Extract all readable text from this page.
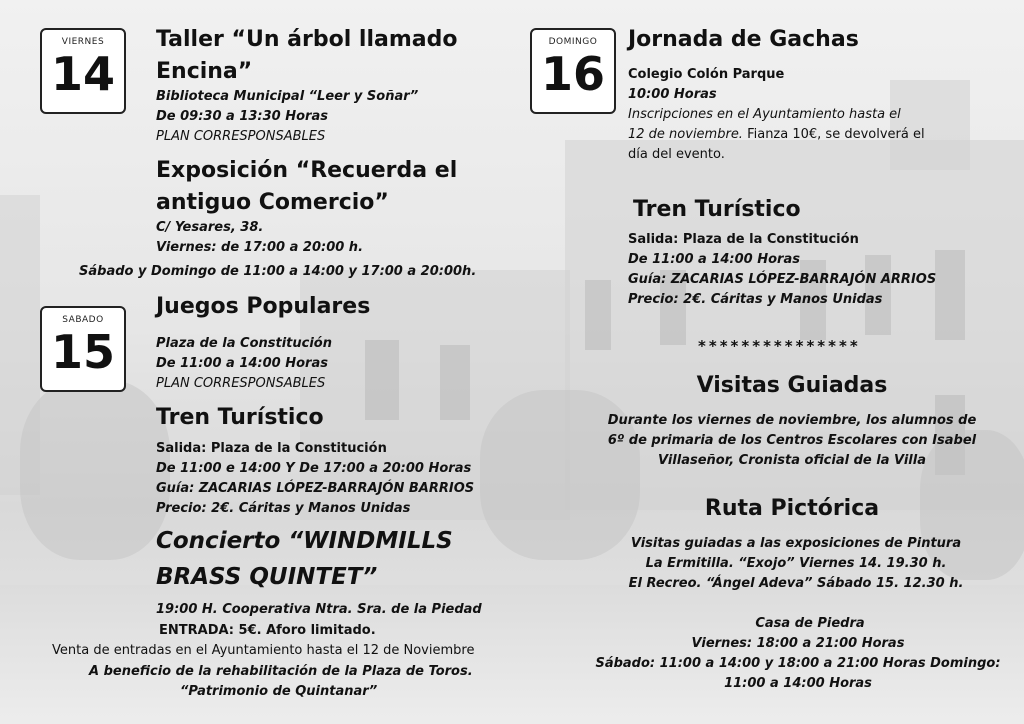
VIERNES
14
Taller “Un árbol llamado
Encina”
Biblioteca Municipal “Leer y Soñar”
De 09:30 a 13:30 Horas
PLAN CORRESPONSABLES
Exposición “Recuerda el
antiguo Comercio”
C/ Yesares, 38.
Viernes: de 17:00 a 20:00 h.
Sábado y Domingo de 11:00 a 14:00 y 17:00 a 20:00h.
SABADO
15
Juegos Populares
Plaza de la Constitución
De 11:00 a 14:00 Horas
PLAN CORRESPONSABLES
Tren Turístico
Salida: Plaza de la Constitución
De 11:00 e 14:00 Y De 17:00 a 20:00 Horas
Guía: ZACARIAS LÓPEZ-BARRAJÓN BARRIOS
Precio: 2€. Cáritas y Manos Unidas
Concierto “WINDMILLS
BRASS QUINTET”
19:00 H. Cooperativa Ntra. Sra. de la Piedad
ENTRADA: 5€. Aforo limitado.
Venta de entradas en el Ayuntamiento hasta el 12 de Noviembre
A beneficio de la rehabilitación de la Plaza de Toros.
“Patrimonio de Quintanar”
DOMINGO
16
Jornada de Gachas
Colegio Colón Parque
10:00 Horas
Inscripciones en el Ayuntamiento hasta el
12 de noviembre. Fianza 10€, se devolverá el
día del evento.
Tren Turístico
Salida: Plaza de la Constitución
De 11:00 a 14:00 Horas
Guía: ZACARIAS LÓPEZ-BARRAJÓN ARRIOS
Precio: 2€. Cáritas y Manos Unidas
***************
Visitas Guiadas
Durante los viernes de noviembre, los alumnos de
6º de primaria de los Centros Escolares con Isabel
Villaseñor, Cronista oficial de la Villa
Ruta Pictórica
Visitas guiadas a las exposiciones de Pintura
La Ermitilla. “Exojo” Viernes 14. 19.30 h.
El Recreo. “Ángel Adeva” Sábado 15. 12.30 h.
Casa de Piedra
Viernes: 18:00 a 21:00 Horas
Sábado: 11:00 a 14:00 y 18:00 a 21:00 Horas Domingo:
11:00 a 14:00 Horas
